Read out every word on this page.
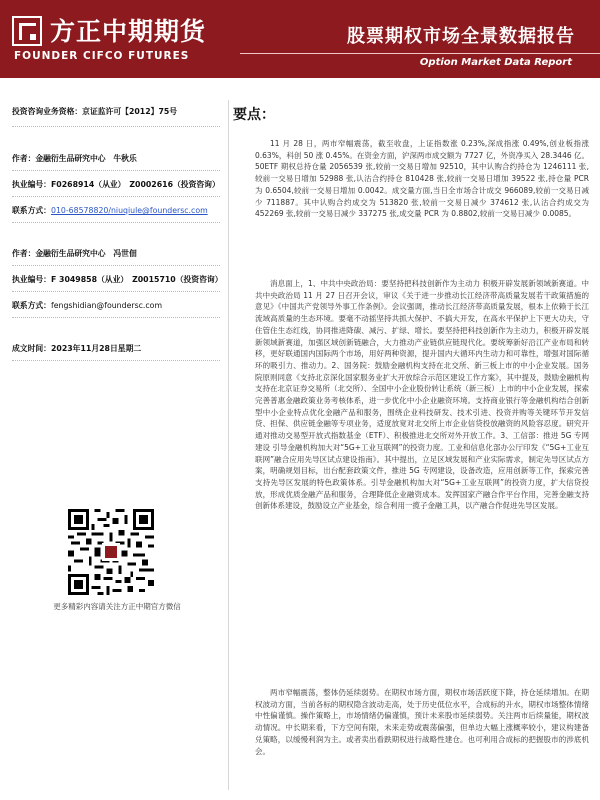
方正中期期货
FOUNDER CIFCO FUTURES
股票期权市场全景数据报告
Option Market Data Report
投资咨询业务资格：京证监许可【2012】75号
作者：金融衍生品研究中心　牛秋乐
执业编号：F0268914（从业）　Z0002616（投资咨询）
联系方式：010-68578820/niuqiule@foundersc.com
作者：金融衍生品研究中心　冯世佃
执业编号：F 3049858（从业）　Z0015710（投资咨询）
联系方式：fengshidian@foundersc.com
成文时间：2023年11月28日星期二
更多精彩内容请关注方正中期官方微信
要点：

11 月 28 日，两市窄幅震荡，截至收盘，上证指数涨 0.23%,深成指涨 0.49%,创业板指涨 0.63%，科创 50 涨 0.45%。在资金方面，沪深两市成交额为 7727 亿，外资净买入 28.3446 亿。50ETF 期权总持仓量 2056539 张,较前一交易日增加 92510，其中认购合约持仓为 1246111 张,较前一交易日增加 52988 张,认沽合约持仓 810428 张,较前一交易日增加 39522 张,持仓量 PCR 为 0.6504,较前一交易日增加 0.0042。成交量方面,当日全市场合计成交 966089,较前一交易日减少 711887。其中认购合约成交为 513820 张,较前一交易日减少 374612 张,认沽合约成交为 452269 张,较前一交易日减少 337275 张,成交量 PCR 为 0.8802,较前一交易日减少 0.0085。

消息面上，1、中共中央政治局：要坚持把科技创新作为主动力 积极开辟发展新领域新赛道。中共中央政治局 11 月 27 日召开会议，审议《关于进一步推动长江经济带高质量发展若干政策措施的意见》《中国共产党领导外事工作条例》。会议强调，推动长江经济带高质量发展，根本上依赖于长江流域高质量的生态环境。要毫不动摇坚持共抓大保护、不搞大开发，在高水平保护上下更大功夫，守住管住生态红线，协同推进降碳、减污、扩绿、增长。要坚持把科技创新作为主动力，积极开辟发展新领域新赛道，加强区域创新链融合，大力推动产业链供应链现代化。要统筹新好沿江产业布局和转移，更好联通国内国际两个市场，用好两种资源，提升国内大循环内生动力和可靠性，增强对国际循环的吸引力、推动力。2、国务院：鼓励金融机构支持在北交所、新三板上市的中小企业发展。国务院原则同意《支持北京深化国家服务业扩大开放综合示范区建设工作方案》，其中提及，鼓励金融机构支持在北京证券交易所（北交所）、全国中小企业股份转让系统（新三板）上市的中小企业发展，探索完善普惠金融政策业务考核体系，进一步优化中小企业融资环境。支持商业银行等金融机构结合创新型中小企业特点优化金融产品和服务，围绕企业科技研发、技术引进、投资并购等关键环节开发信贷、担保、供应链金融等专项业务，适度放宽对北交所上市企业信贷投放融资的风险容忍度。研究开通对推动交易型开放式指数基金（ETF）、积极推进北交所对外开放工作。3、工信部：推进 5G 专网建设 引导金融机构加大对“5G+工业互联网”的投资力度。工业和信息化部办公厅印发《“5G+工业互联网”融合应用先导区试点建设指南》。其中提出，立足区域发展和产业实际需求，制定先导区试点方案，明确规划目标，出台配套政策文件，推进 5G 专网建设，设备改造，应用创新等工作，探索完善支持先导区发展的特色政策体系。引导金融机构加大对“5G+工业互联网”的投资力度，扩大信贷投放，形成优质金融产品和服务，合理降低企业融资成本。发挥国家产融合作平台作用，完善金融支持创新体系建设，鼓励设立产业基金，综合利用一揽子金融工具，以产融合作促进先导区发展。

两市窄幅震荡，整体仍延续弱势。在期权市场方面，期权市场活跃度下降，持仓延续增加。在期权波动方面，当前各标的期权隐含波动走高，处于历史低位水平，合成标的升水，期权市场整体情绪中性偏谨慎。操作策略上，市场情绪仍偏谨慎，预计未来股市延续弱势。关注两市后续量能，期权波动情况。中长期来看，下方空间有限，未来走势或震荡偏强，但单边大幅上涨概率较小，建议构建备兑策略，以缓慢利润为主。或者卖出看跌期权进行战略性建仓。也可利用合成标的把握股市的涉底机会。
